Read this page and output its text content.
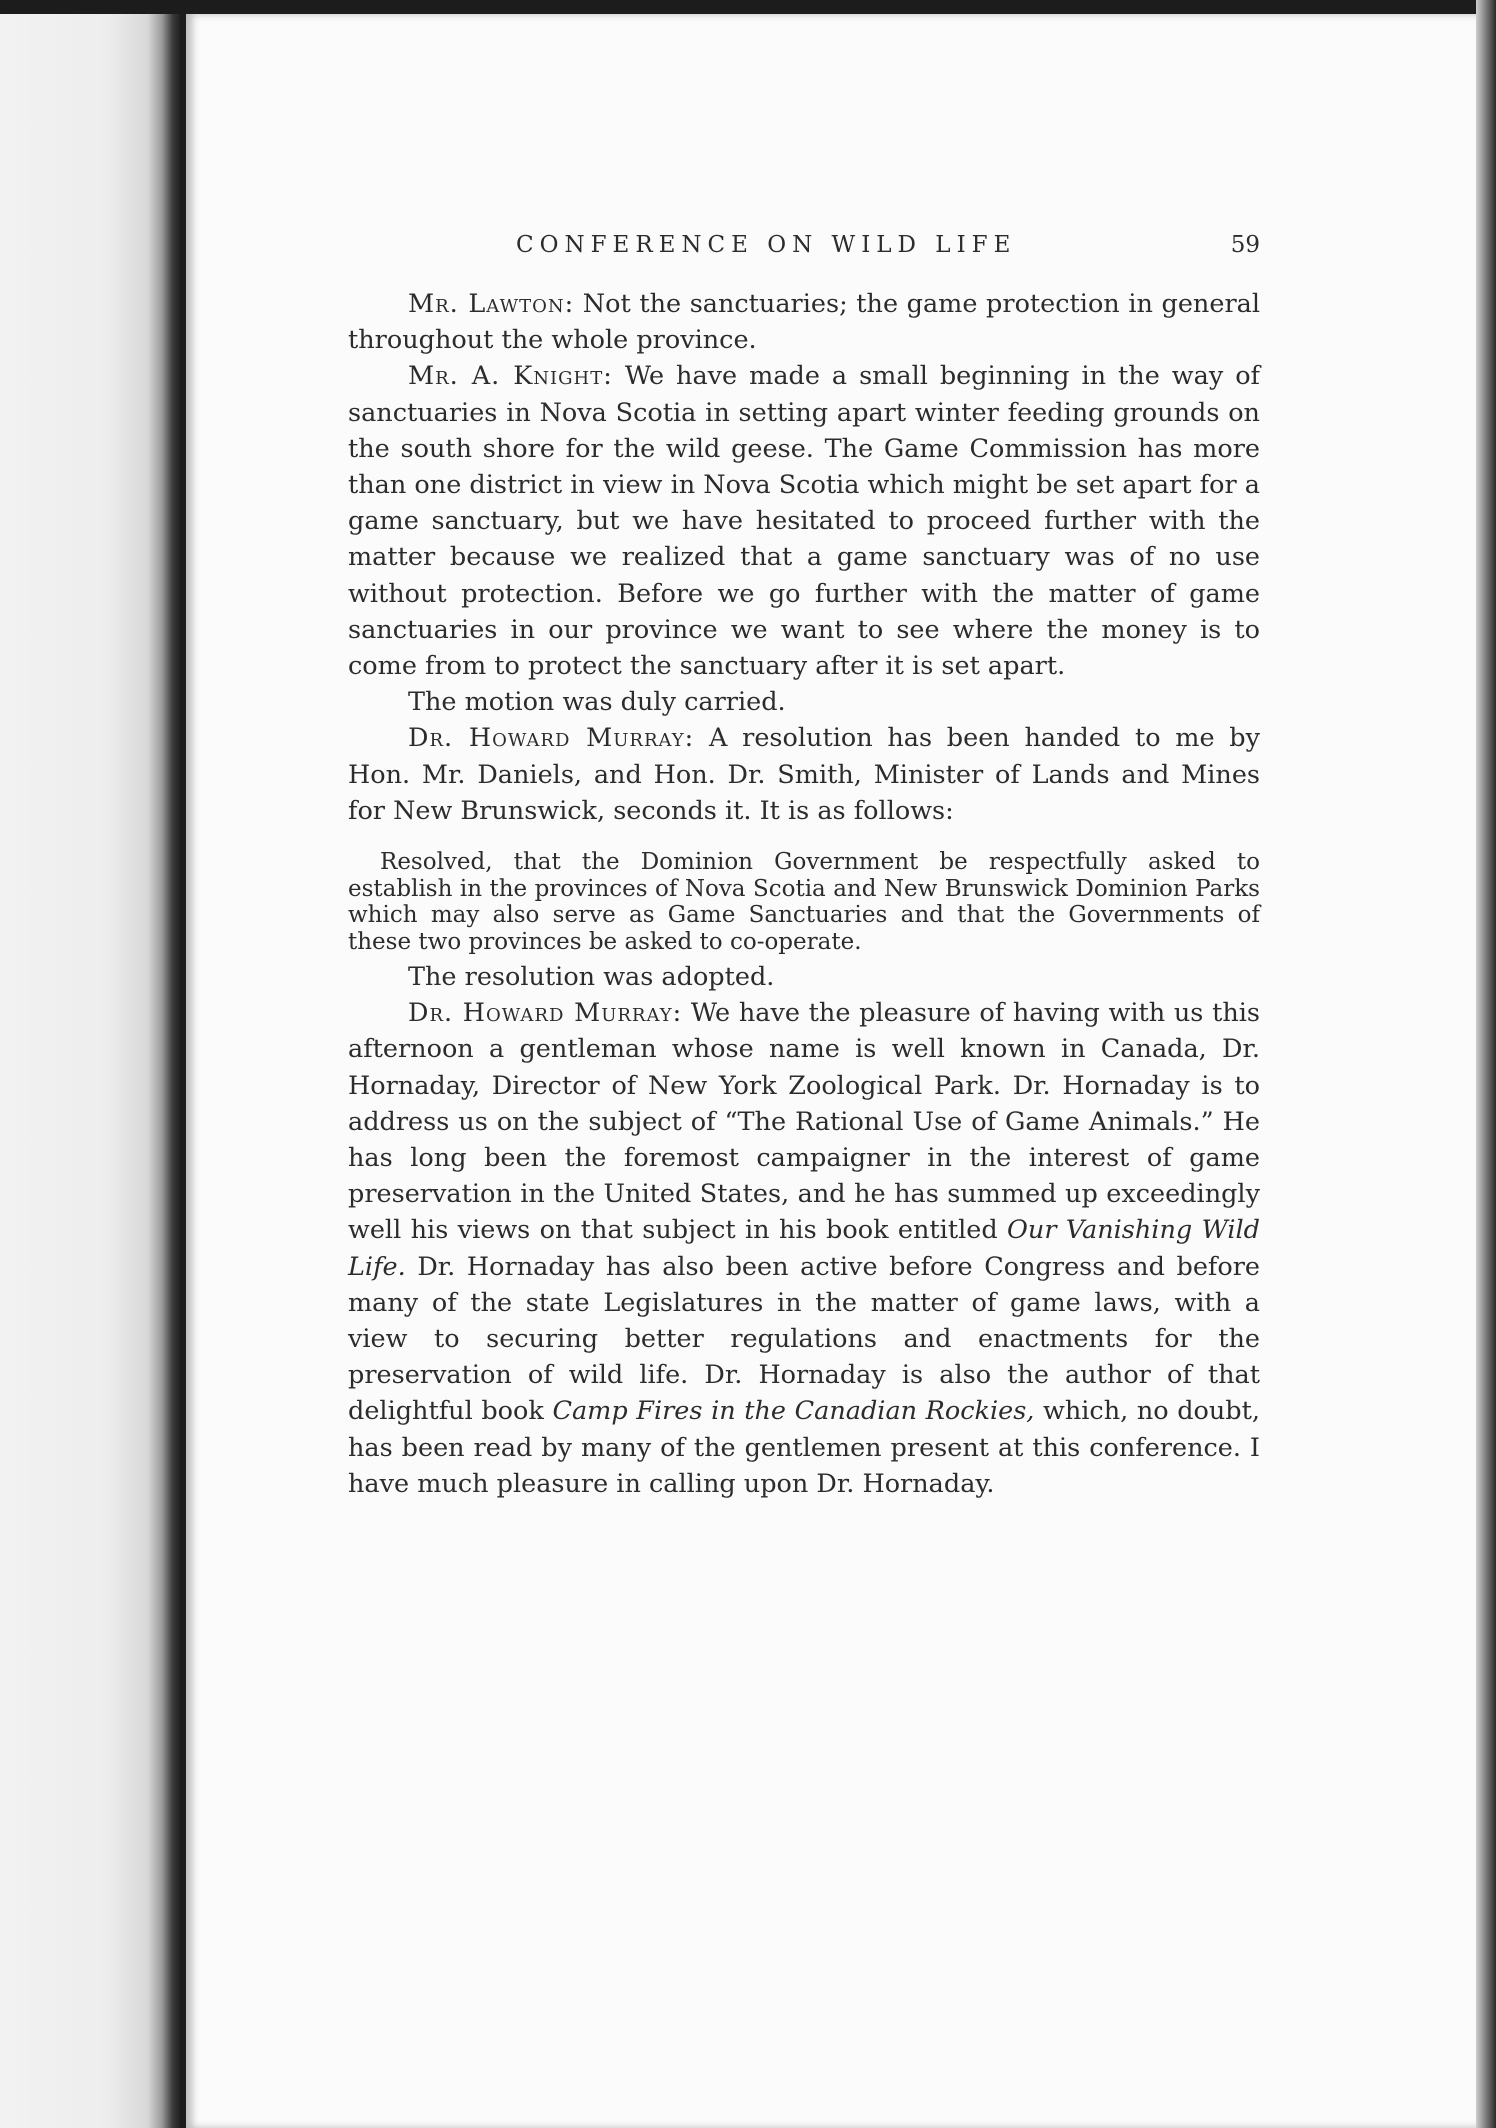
CONFERENCE ON WILD LIFE	59

Mr. Lawton: Not the sanctuaries; the game protection in general throughout the whole province.

Mr. A. Knight: We have made a small beginning in the way of sanctuaries in Nova Scotia in setting apart winter feeding grounds on the south shore for the wild geese. The Game Commission has more than one district in view in Nova Scotia which might be set apart for a game sanctuary, but we have hesitated to proceed further with the matter because we realized that a game sanctuary was of no use without protection. Before we go further with the matter of game sanctuaries in our province we want to see where the money is to come from to protect the sanctuary after it is set apart.

The motion was duly carried.

Dr. Howard Murray: A resolution has been handed to me by Hon. Mr. Daniels, and Hon. Dr. Smith, Minister of Lands and Mines for New Brunswick, seconds it. It is as follows:

Resolved, that the Dominion Government be respectfully asked to establish in the provinces of Nova Scotia and New Brunswick Dominion Parks which may also serve as Game Sanctuaries and that the Governments of these two provinces be asked to co-operate.

The resolution was adopted.

Dr. Howard Murray: We have the pleasure of having with us this afternoon a gentleman whose name is well known in Canada, Dr. Hornaday, Director of New York Zoological Park. Dr. Hornaday is to address us on the subject of “The Rational Use of Game Animals.” He has long been the foremost campaigner in the interest of game preservation in the United States, and he has summed up exceedingly well his views on that subject in his book entitled Our Vanishing Wild Life. Dr. Hornaday has also been active before Congress and before many of the state Legislatures in the matter of game laws, with a view to securing better regulations and enactments for the preservation of wild life. Dr. Hornaday is also the author of that delightful book Camp Fires in the Canadian Rockies, which, no doubt, has been read by many of the gentlemen present at this conference. I have much pleasure in calling upon Dr. Hornaday.
